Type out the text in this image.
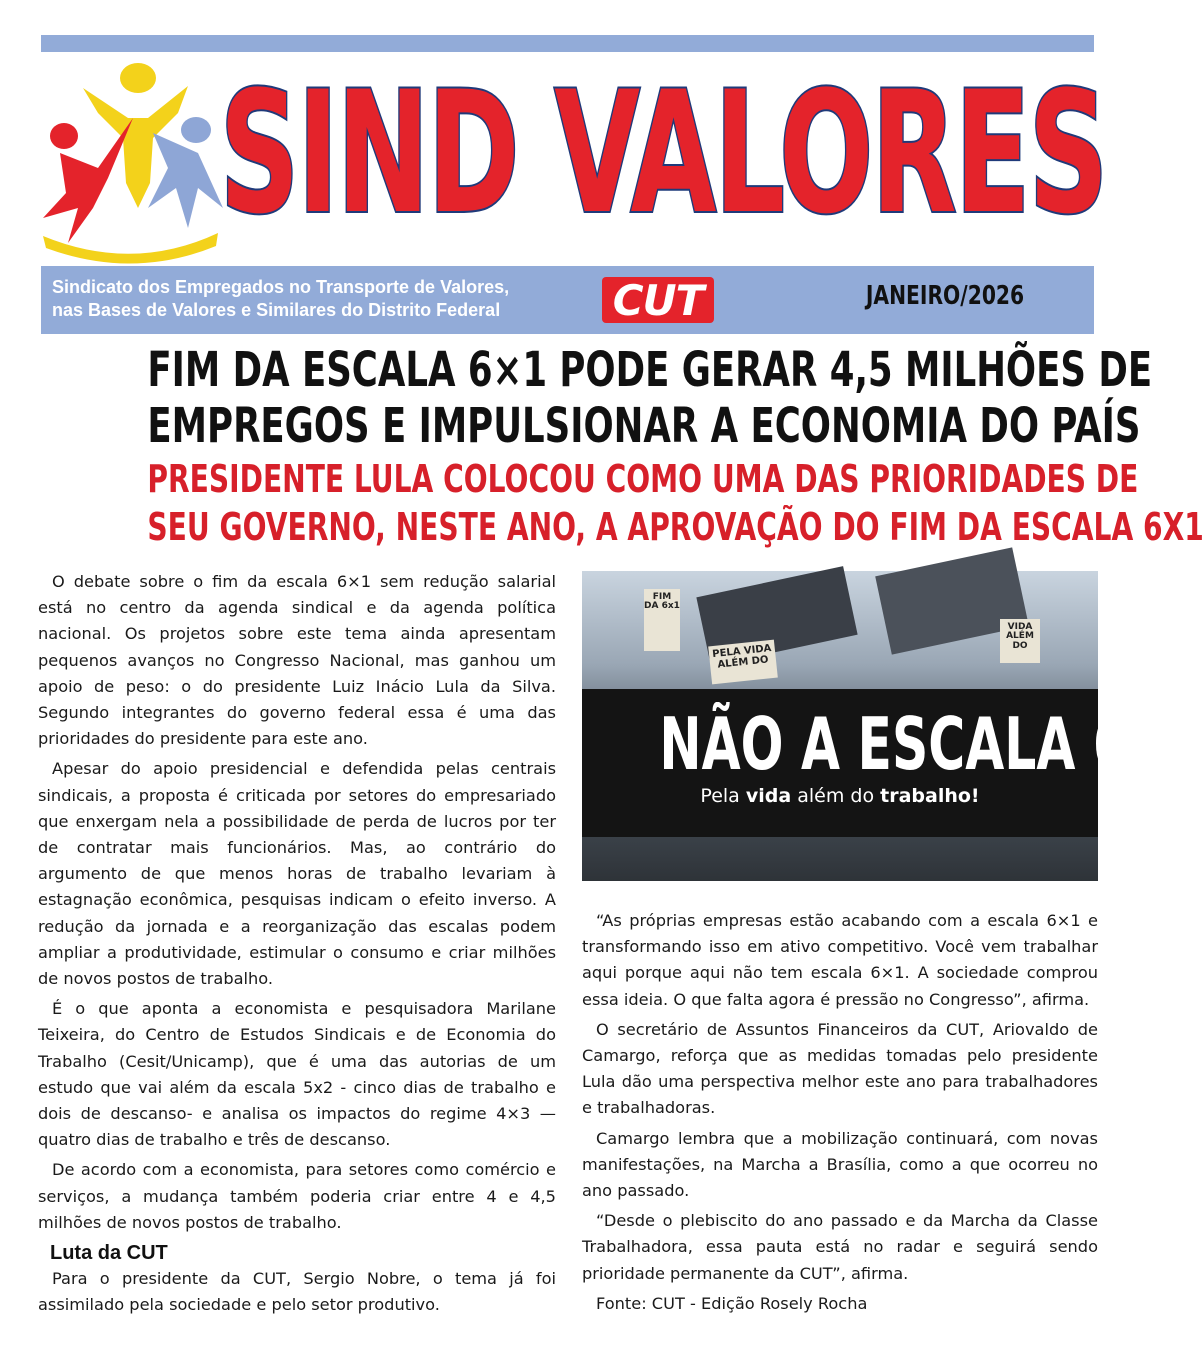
SIND VALORES
Sindicato dos Empregados no Transporte de Valores,
nas Bases de Valores e Similares do Distrito Federal	CUT	JANEIRO/2026
FIM DA ESCALA 6×1 PODE GERAR 4,5 MILHÕES DE
EMPREGOS E IMPULSIONAR A ECONOMIA DO PAÍS
PRESIDENTE LULA COLOCOU COMO UMA DAS PRIORIDADES DE
SEU GOVERNO, NESTE ANO, A APROVAÇÃO DO FIM DA ESCALA 6X1

O debate sobre o fim da escala 6×1 sem redução salarial está no centro da agenda sindical e da agenda política nacional. Os projetos sobre este tema ainda apresentam pequenos avanços no Congresso Nacional, mas ganhou um apoio de peso: o do presidente Luiz Inácio Lula da Silva. Segundo integrantes do governo federal essa é uma das prioridades do presidente para este ano.

Apesar do apoio presidencial e defendida pelas centrais sindicais, a proposta é criticada por setores do empresariado que enxergam nela a possibilidade de perda de lucros por ter de contratar mais funcionários. Mas, ao contrário do argumento de que menos horas de trabalho levariam à estagnação econômica, pesquisas indicam o efeito inverso. A redução da jornada e a reorganização das escalas podem ampliar a produtividade, estimular o consumo e criar milhões de novos postos de trabalho.

É o que aponta a economista e pesquisadora Marilane Teixeira, do Centro de Estudos Sindicais e de Economia do Trabalho (Cesit/Unicamp), que é uma das autorias de um estudo que vai além da escala 5x2 - cinco dias de trabalho e dois de descanso- e analisa os impactos do regime 4×3 — quatro dias de trabalho e três de descanso.

De acordo com a economista, para setores como comércio e serviços, a mudança também poderia criar entre 4 e 4,5 milhões de novos postos de trabalho.

Luta da CUT

Para o presidente da CUT, Sergio Nobre, o tema já foi assimilado pela sociedade e pelo setor produtivo.

FIM DA 6x1
PELA VIDA ALÉM DO
VIDA ALÉM DO
NÃO A ESCALA 6X1
Pela vida além do trabalho!

“As próprias empresas estão acabando com a escala 6×1 e transformando isso em ativo competitivo. Você vem trabalhar aqui porque aqui não tem escala 6×1. A sociedade comprou essa ideia. O que falta agora é pressão no Congresso”, afirma.

O secretário de Assuntos Financeiros da CUT, Ariovaldo de Camargo, reforça que as medidas tomadas pelo presidente Lula dão uma perspectiva melhor este ano para trabalhadores e trabalhadoras.

Camargo lembra que a mobilização continuará, com novas manifestações, na Marcha a Brasília, como a que ocorreu no ano passado.

“Desde o plebiscito do ano passado e da Marcha da Classe Trabalhadora, essa pauta está no radar e seguirá sendo prioridade permanente da CUT”, afirma.

Fonte: CUT - Edição Rosely Rocha
